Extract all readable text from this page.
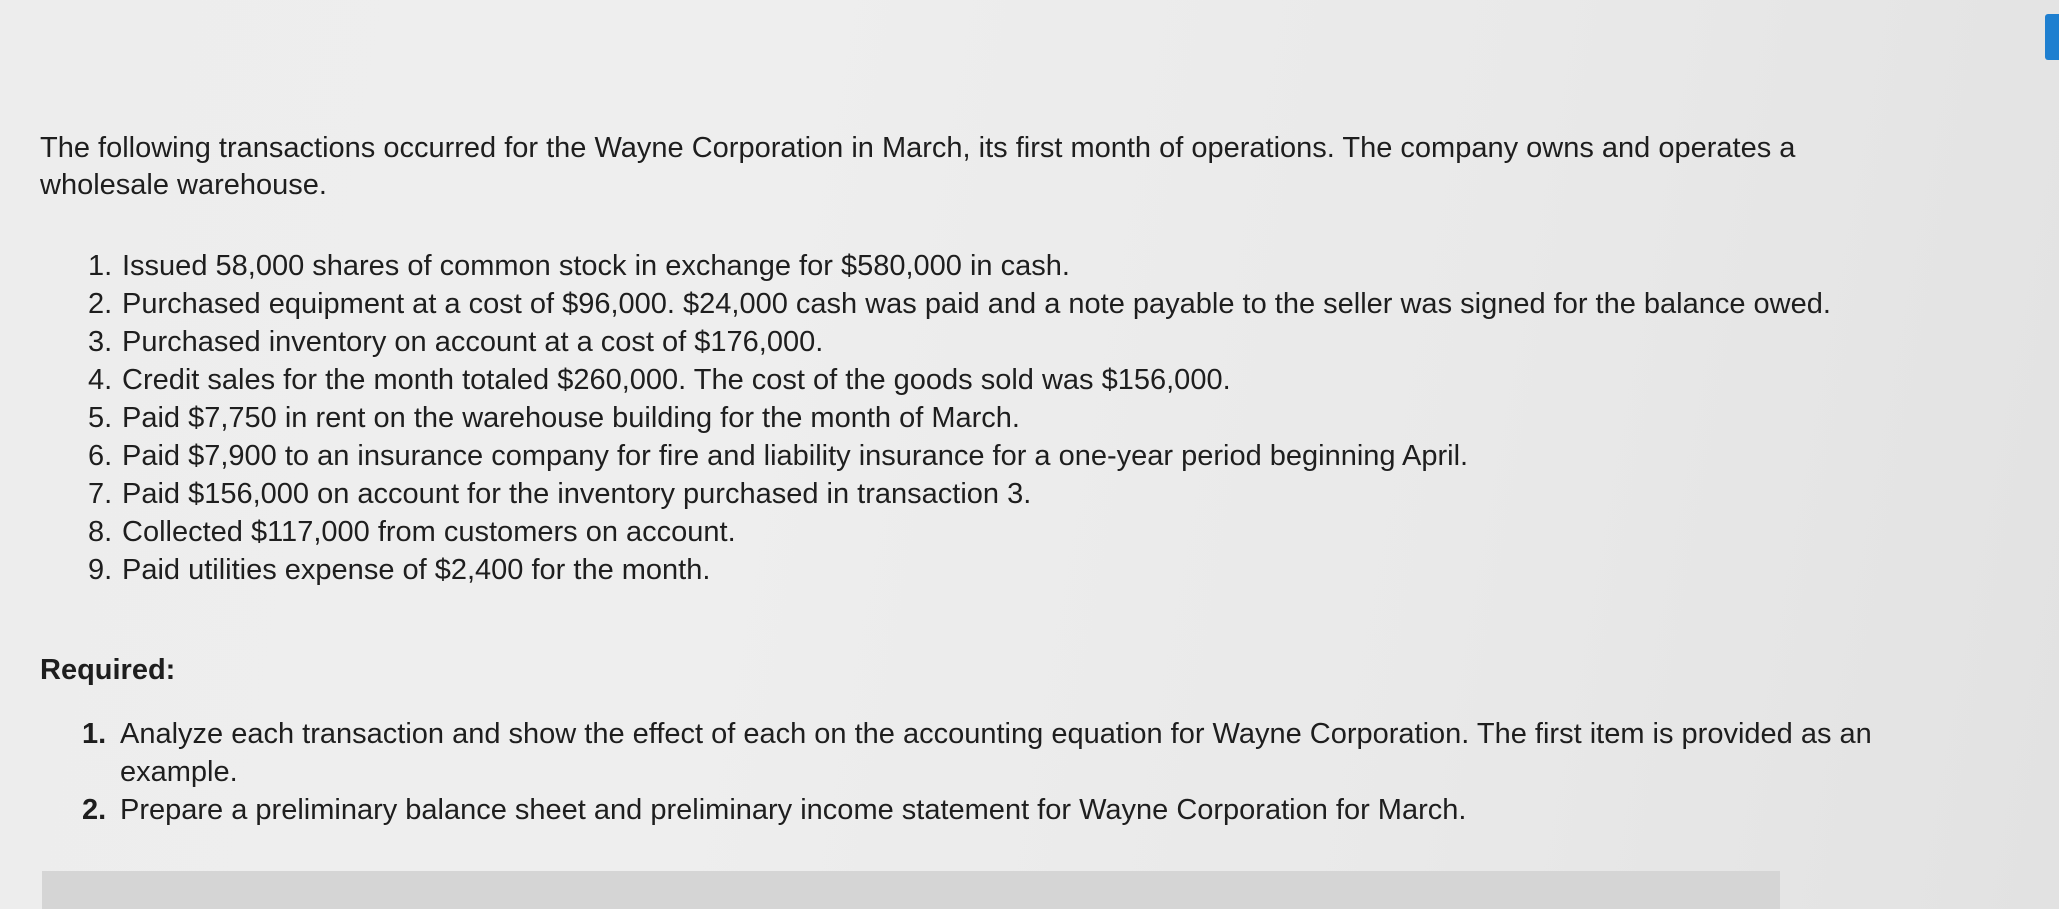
The following transactions occurred for the Wayne Corporation in March, its first month of operations. The company owns and operates a wholesale warehouse.

1. Issued 58,000 shares of common stock in exchange for $580,000 in cash.
2. Purchased equipment at a cost of $96,000. $24,000 cash was paid and a note payable to the seller was signed for the balance owed.
3. Purchased inventory on account at a cost of $176,000.
4. Credit sales for the month totaled $260,000. The cost of the goods sold was $156,000.
5. Paid $7,750 in rent on the warehouse building for the month of March.
6. Paid $7,900 to an insurance company for fire and liability insurance for a one-year period beginning April.
7. Paid $156,000 on account for the inventory purchased in transaction 3.
8. Collected $117,000 from customers on account.
9. Paid utilities expense of $2,400 for the month.

Required:

1. Analyze each transaction and show the effect of each on the accounting equation for Wayne Corporation. The first item is provided as an example.
2. Prepare a preliminary balance sheet and preliminary income statement for Wayne Corporation for March.
